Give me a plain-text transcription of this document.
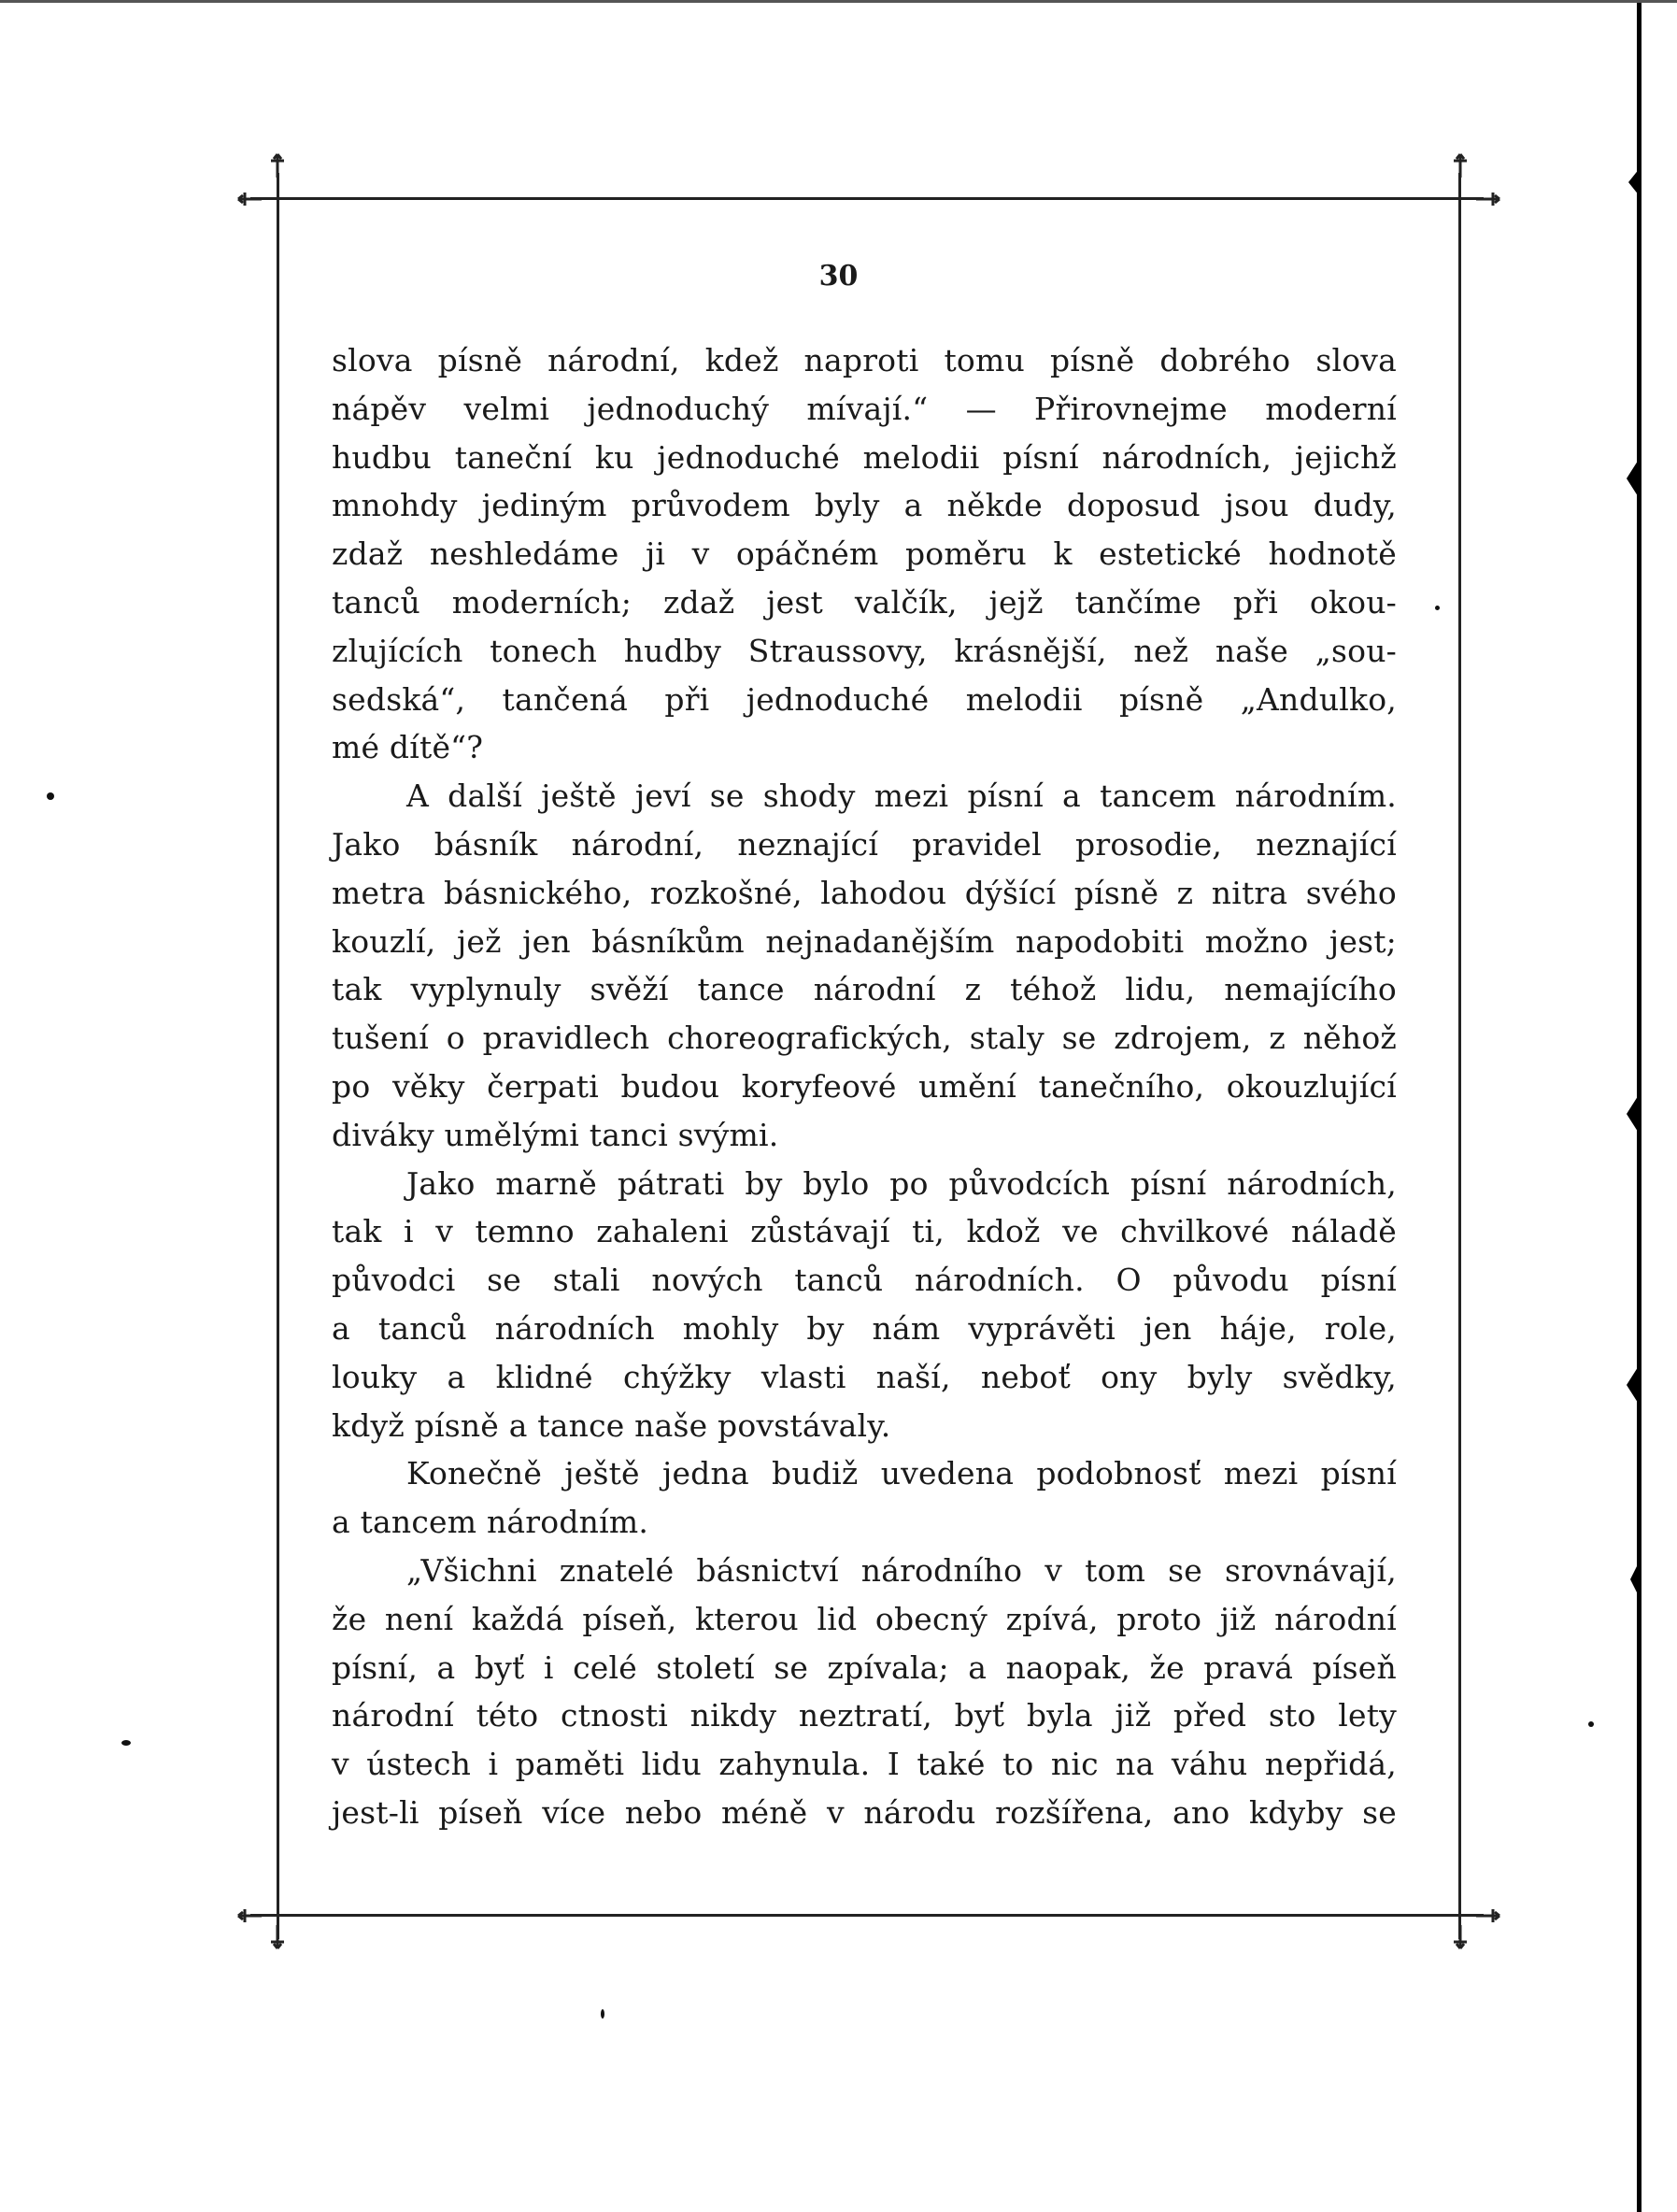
30
slova písně národní, kdež naproti tomu písně dobrého slova
nápěv velmi jednoduchý mívají.“ — Přirovnejme moderní
hudbu taneční ku jednoduché melodii písní národních, jejichž
mnohdy jediným průvodem byly a někde doposud jsou dudy,
zdaž neshledáme ji v opáčném poměru k estetické hodnotě
tanců moderních; zdaž jest valčík, jejž tančíme při okou-
zlujících tonech hudby Straussovy, krásnější, než naše „sou-
sedská“, tančená při jednoduché melodii písně „Andulko,
mé dítě“?
A další ještě jeví se shody mezi písní a tancem národním.
Jako básník národní, neznající pravidel prosodie, neznající
metra básnického, rozkošné, lahodou dýšící písně z nitra svého
kouzlí, jež jen básníkům nejnadanějším napodobiti možno jest;
tak vyplynuly svěží tance národní z téhož lidu, nemajícího
tušení o pravidlech choreografických, staly se zdrojem, z něhož
po věky čerpati budou koryfeové umění tanečního, okouzlující
diváky umělými tanci svými.
Jako marně pátrati by bylo po původcích písní národních,
tak i v temno zahaleni zůstávají ti, kdož ve chvilkové náladě
původci se stali nových tanců národních. O původu písní
a tanců národních mohly by nám vyprávěti jen háje, role,
louky a klidné chýžky vlasti naší, neboť ony byly svědky,
když písně a tance naše povstávaly.
Konečně ještě jedna budiž uvedena podobnosť mezi písní
a tancem národním.
„Všichni znatelé básnictví národního v tom se srovnávají,
že není každá píseň, kterou lid obecný zpívá, proto již národní
písní, a byť i celé století se zpívala; a naopak, že pravá píseň
národní této ctnosti nikdy neztratí, byť byla již před sto lety
v ústech i paměti lidu zahynula. I také to nic na váhu nepřidá,
jest-li píseň více nebo méně v národu rozšířena, ano kdyby se
